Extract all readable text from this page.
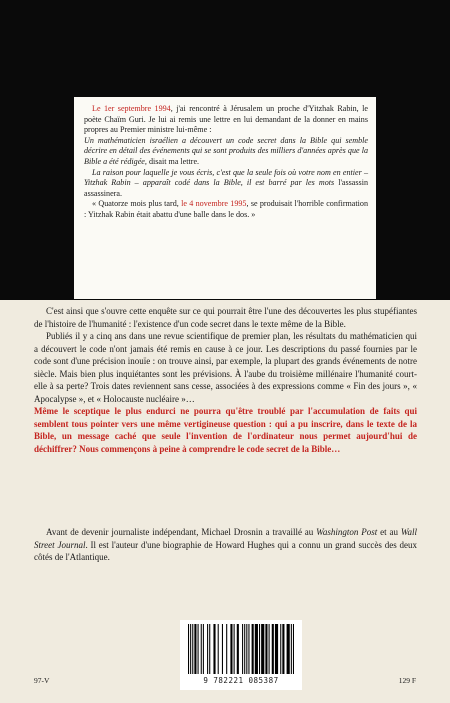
Le 1er septembre 1994, j'ai rencontré à Jérusalem un proche d'Yitzhak Rabin, le poète Chaïm Guri. Je lui ai remis une lettre en lui demandant de la donner en mains propres au Premier ministre lui-même :

Un mathématicien israélien a découvert un code secret dans la Bible qui semble décrire en détail des événements qui se sont produits des milliers d'années après que la Bible a été rédigée, disait ma lettre.

La raison pour laquelle je vous écris, c'est que la seule fois où votre nom en entier – Yitzhak Rabin – apparaît codé dans la Bible, il est barré par les mots l'assassin assassinera.

« Quatorze mois plus tard, le 4 novembre 1995, se produisait l'horrible confirmation : Yitzhak Rabin était abattu d'une balle dans le dos. »

C'est ainsi que s'ouvre cette enquête sur ce qui pourrait être l'une des découvertes les plus stupéfiantes de l'histoire de l'humanité : l'existence d'un code secret dans le texte même de la Bible.

Publiés il y a cinq ans dans une revue scientifique de premier plan, les résultats du mathématicien qui a découvert le code n'ont jamais été remis en cause à ce jour. Les descriptions du passé fournies par le code sont d'une précision inouïe : on trouve ainsi, par exemple, la plupart des grands événements de notre siècle. Mais bien plus inquiétantes sont les prévisions. À l'aube du troisième millénaire l'humanité court-elle à sa perte? Trois dates reviennent sans cesse, associées à des expressions comme « Fin des jours », « Apocalypse », et « Holocauste nucléaire »…

Même le sceptique le plus endurci ne pourra qu'être troublé par l'accumulation de faits qui semblent tous pointer vers une même vertigineuse question : qui a pu inscrire, dans le texte de la Bible, un message caché que seule l'invention de l'ordinateur nous permet aujourd'hui de déchiffrer? Nous commençons à peine à comprendre le code secret de la Bible…

Avant de devenir journaliste indépendant, Michael Drosnin a travaillé au Washington Post et au Wall Street Journal. Il est l'auteur d'une biographie de Howard Hughes qui a connu un grand succès des deux côtés de l'Atlantique.

97-V	9 782221 085387	129 F
